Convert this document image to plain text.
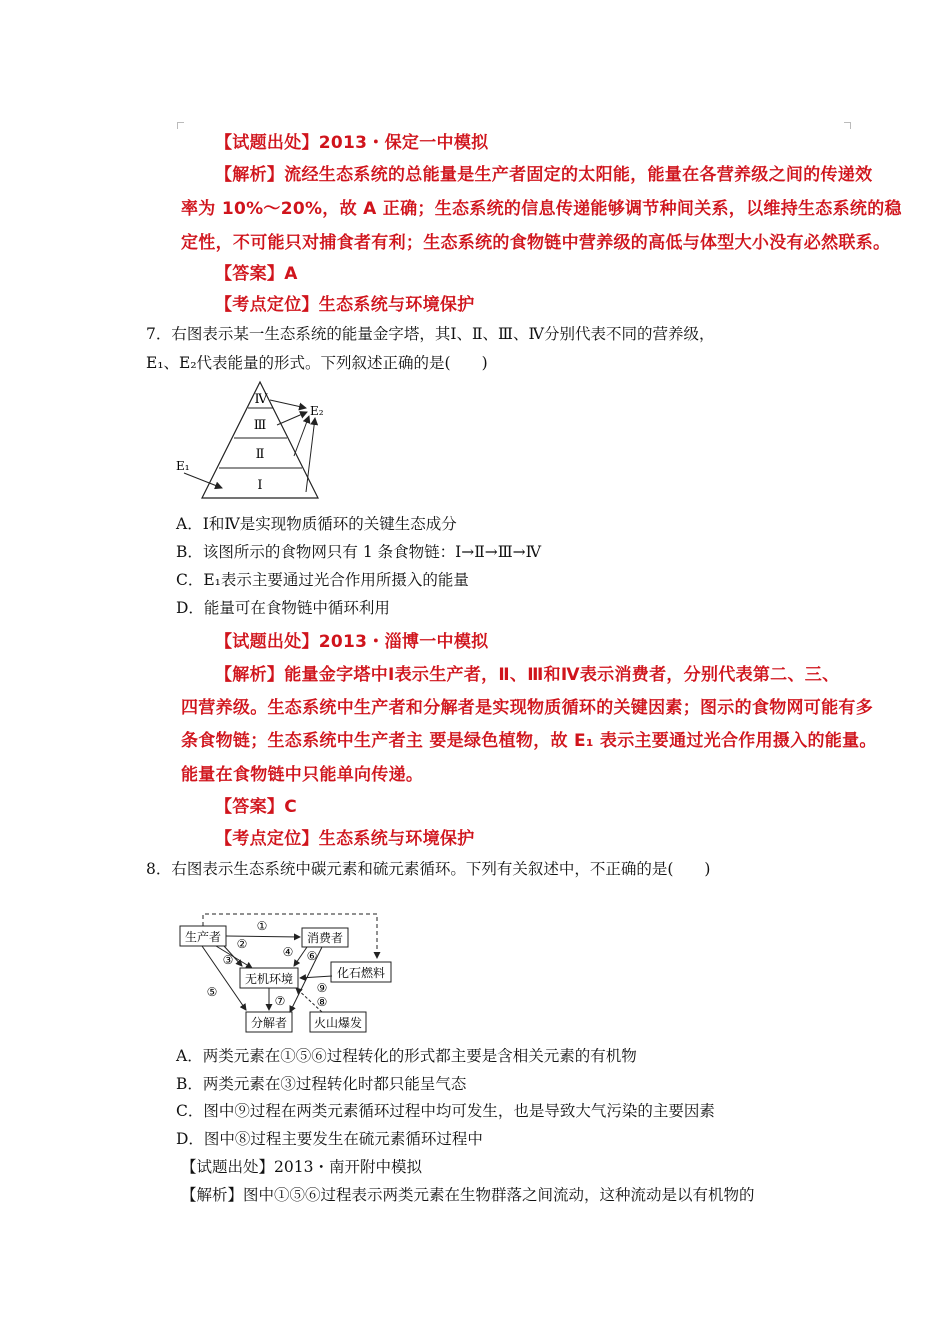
【试题出处】2013・保定一中模拟
【解析】流经生态系统的总能量是生产者固定的太阳能，能量在各营养级之间的传递效
率为 10%～20%，故 A 正确；生态系统的信息传递能够调节种间关系，以维持生态系统的稳
定性，不可能只对捕食者有利；生态系统的食物链中营养级的高低与体型大小没有必然联系。
【答案】A
【考点定位】生态系统与环境保护
7．右图表示某一生态系统的能量金字塔，其Ⅰ、Ⅱ、Ⅲ、Ⅳ分别代表不同的营养级，
E₁、E₂代表能量的形式。下列叙述正确的是(　　)
Ⅳ
Ⅲ
Ⅱ
Ⅰ
E₁
E₂
A．Ⅰ和Ⅳ是实现物质循环的关键生态成分
B．该图所示的食物网只有 1 条食物链：Ⅰ→Ⅱ→Ⅲ→Ⅳ
C．E₁表示主要通过光合作用所摄入的能量
D．能量可在食物链中循环利用
【试题出处】2013・淄博一中模拟
【解析】能量金字塔中Ⅰ表示生产者，Ⅱ、Ⅲ和Ⅳ表示消费者，分别代表第二、三、
四营养级。生态系统中生产者和分解者是实现物质循环的关键因素；图示的食物网可能有多
条食物链；生态系统中生产者主 要是绿色植物，故 E₁ 表示主要通过光合作用摄入的能量。
能量在食物链中只能单向传递。
【答案】C
【考点定位】生态系统与环境保护
8．右图表示生态系统中碳元素和硫元素循环。下列有关叙述中，不正确的是(　　)
生产者	消费者
无机环境	化石燃料
分解者 火山爆发
①
②
③
④
⑤
⑥
⑦	⑧
⑨
A．两类元素在①⑤⑥过程转化的形式都主要是含相关元素的有机物
B．两类元素在③过程转化时都只能呈气态
C．图中⑨过程在两类元素循环过程中均可发生，也是导致大气污染的主要因素
D．图中⑧过程主要发生在硫元素循环过程中
【试题出处】2013・南开附中模拟
【解析】图中①⑤⑥过程表示两类元素在生物群落之间流动，这种流动是以有机物的
